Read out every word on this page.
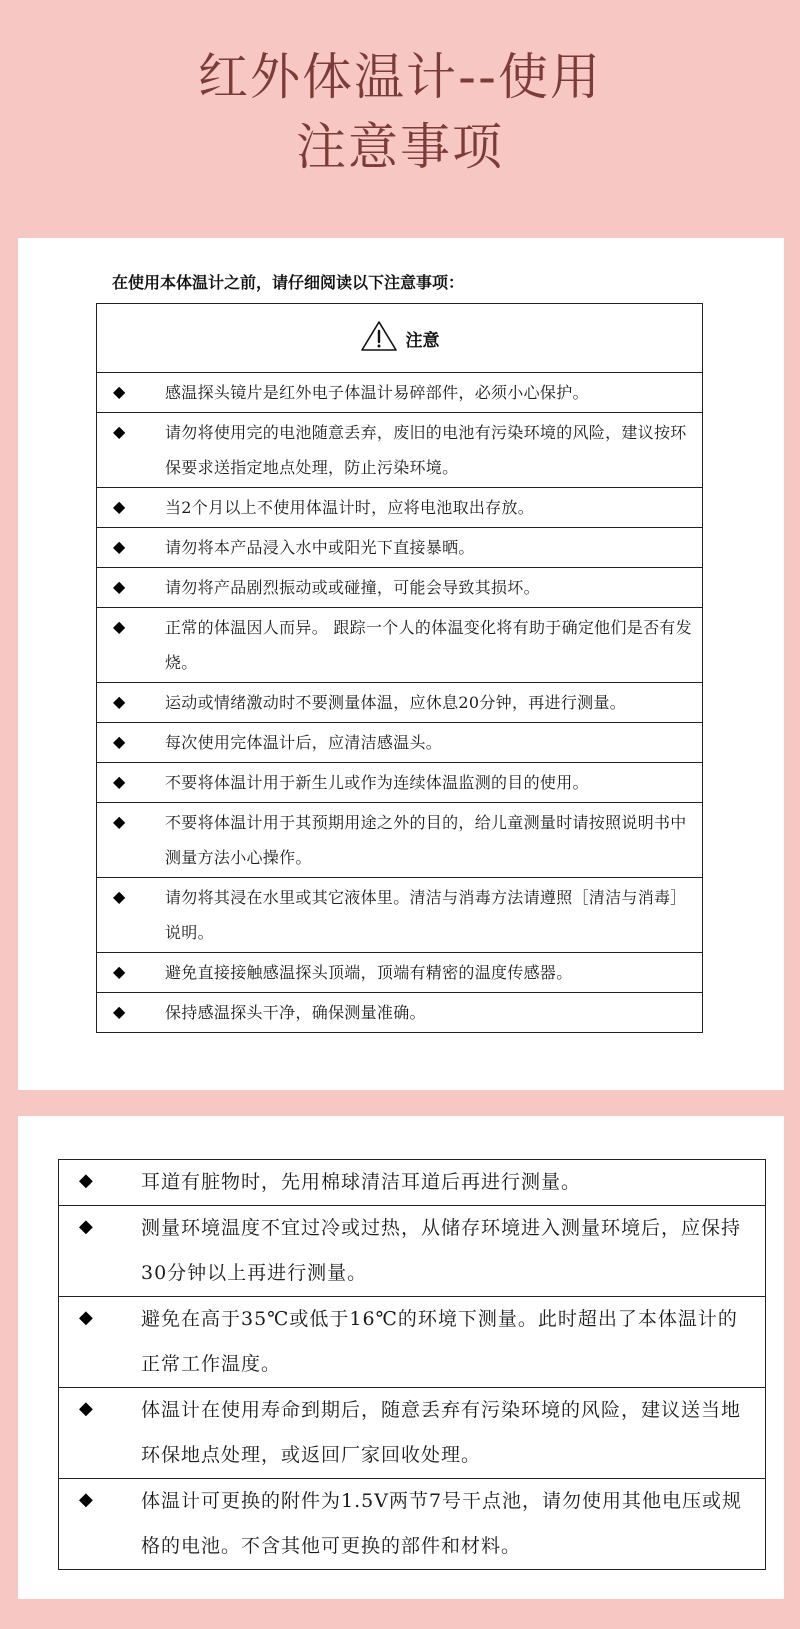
红外体温计--使用
注意事项
在使用本体温计之前，请仔细阅读以下注意事项：
注意
◆	感温探头镜片是红外电子体温计易碎部件，必须小心保护。
◆	请勿将使用完的电池随意丢弃，废旧的电池有污染环境的风险，建议按环保要求送指定地点处理，防止污染环境。
◆	当2个月以上不使用体温计时，应将电池取出存放。
◆	请勿将本产品浸入水中或阳光下直接暴晒。
◆	请勿将产品剧烈振动或或碰撞，可能会导致其损坏。
◆	正常的体温因人而异。 跟踪一个人的体温变化将有助于确定他们是否有发烧。
◆	运动或情绪激动时不要测量体温，应休息20分钟，再进行测量。
◆	每次使用完体温计后，应清洁感温头。
◆	不要将体温计用于新生儿或作为连续体温监测的目的使用。
◆	不要将体温计用于其预期用途之外的目的，给儿童测量时请按照说明书中测量方法小心操作。
◆	请勿将其浸在水里或其它液体里。清洁与消毒方法请遵照［清洁与消毒］说明。
◆	避免直接接触感温探头顶端，顶端有精密的温度传感器。
◆	保持感温探头干净，确保测量准确。
◆	耳道有脏物时，先用棉球清洁耳道后再进行测量。
◆	测量环境温度不宜过冷或过热，从储存环境进入测量环境后，应保持30分钟以上再进行测量。
◆	避免在高于35℃或低于16℃的环境下测量。此时超出了本体温计的正常工作温度。
◆	体温计在使用寿命到期后，随意丢弃有污染环境的风险，建议送当地环保地点处理，或返回厂家回收处理。
◆	体温计可更换的附件为1.5V两节7号干点池，请勿使用其他电压或规格的电池。不含其他可更换的部件和材料。
